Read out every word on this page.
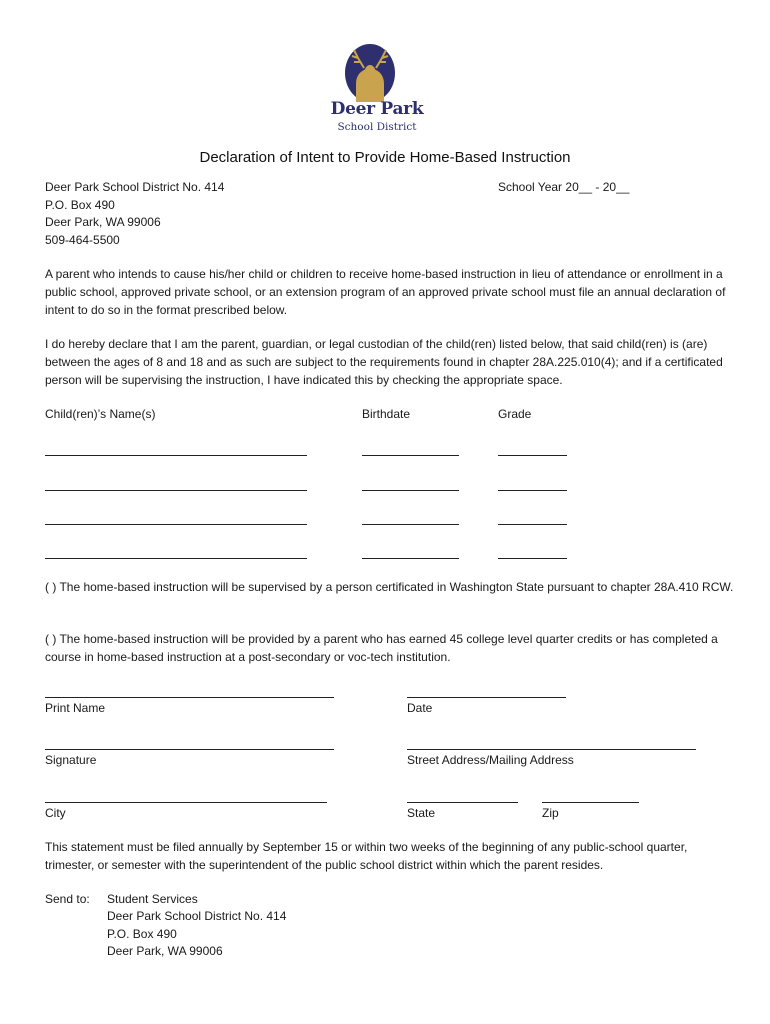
Deer Park
School District
Declaration of Intent to Provide Home-Based Instruction
Deer Park School District No. 414
P.O. Box 490
Deer Park, WA 99006
509-464-5500
School Year 20__ - 20__
A parent who intends to cause his/her child or children to receive home-based instruction in lieu of attendance or enrollment in a public school, approved private school, or an extension program of an approved private school must file an annual declaration of intent to do so in the format prescribed below.
I do hereby declare that I am the parent, guardian, or legal custodian of the child(ren) listed below, that said child(ren) is (are) between the ages of 8 and 18 and as such are subject to the requirements found in chapter 28A.225.010(4); and if a certificated person will be supervising the instruction, I have indicated this by checking the appropriate space.
Child(ren)’s Name(s)	Birthdate	Grade
( ) The home-based instruction will be supervised by a person certificated in Washington State pursuant to chapter 28A.410 RCW.
( ) The home-based instruction will be provided by a parent who has earned 45 college level quarter credits or has completed a course in home-based instruction at a post-secondary or voc-tech institution.
Print Name	Date
Signature	Street Address/Mailing Address
City	State	Zip
This statement must be filed annually by September 15 or within two weeks of the beginning of any public-school quarter, trimester, or semester with the superintendent of the public school district within which the parent resides.
Send to: Student Services
Deer Park School District No. 414
P.O. Box 490
Deer Park, WA 99006
